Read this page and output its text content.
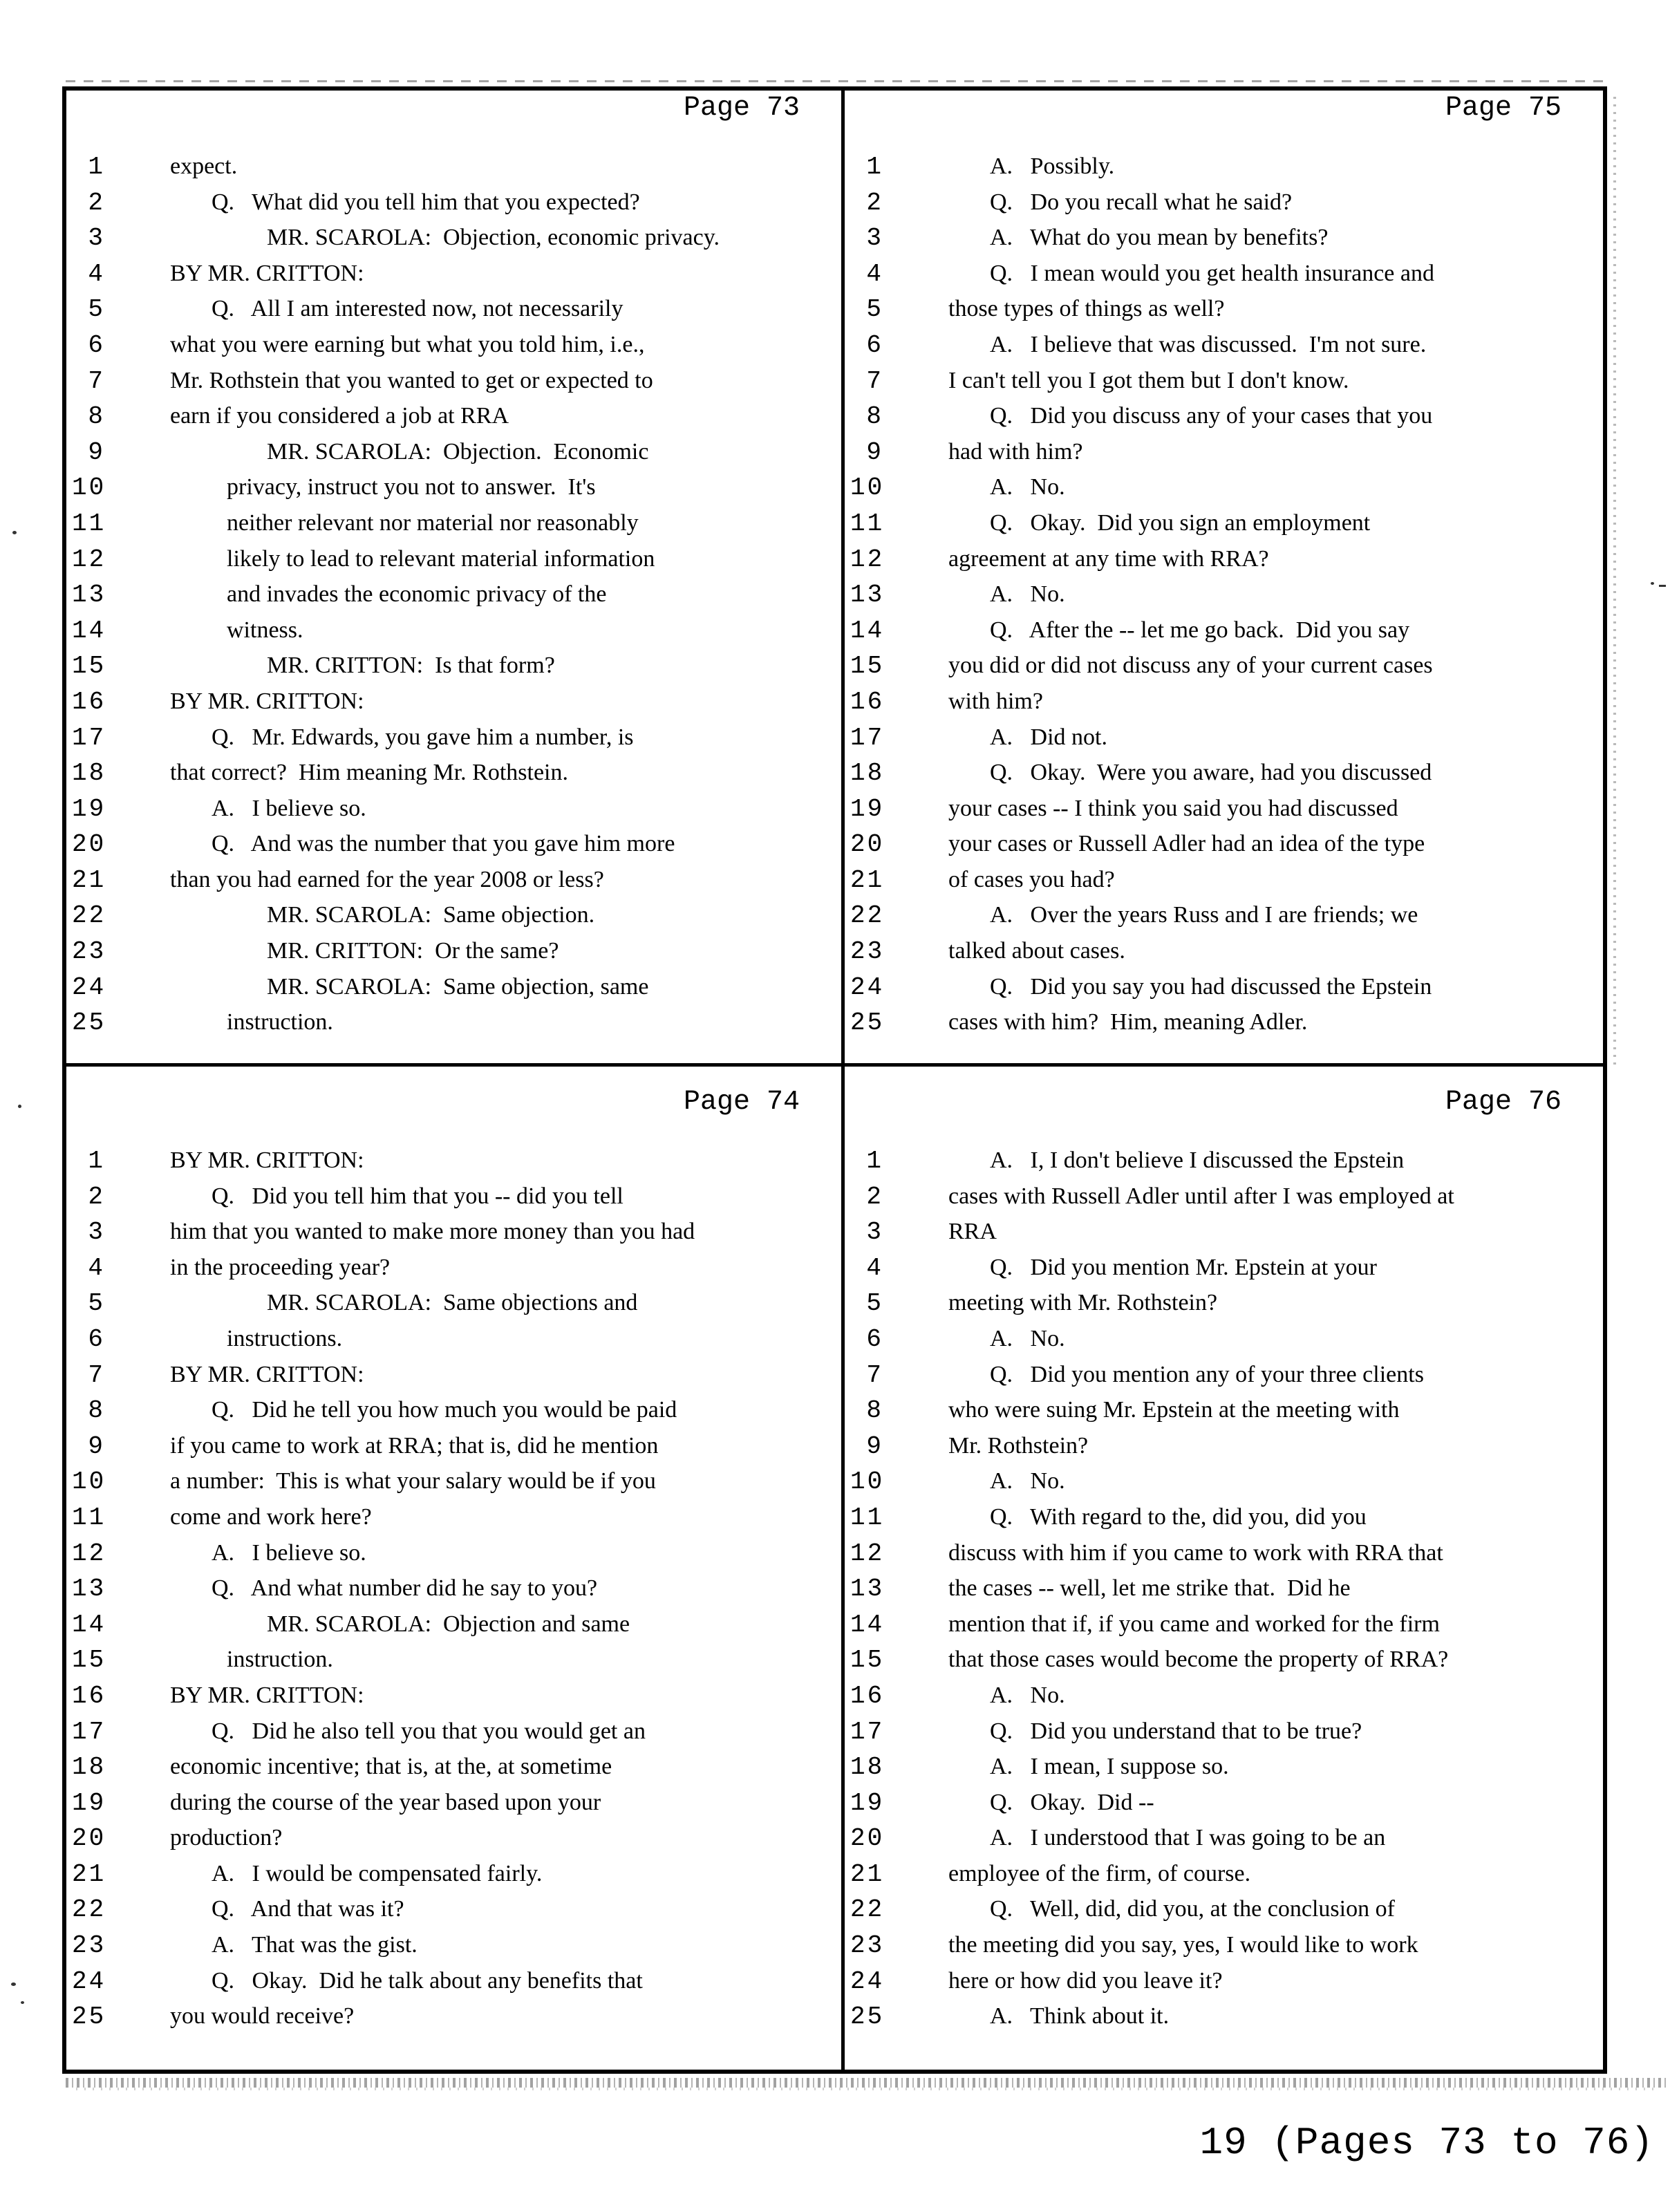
Page 73
1	expect.
2	Q.   What did you tell him that you expected?
3	MR. SCAROLA:  Objection, economic privacy.
4	BY MR. CRITTON:
5	Q.   All I am interested now, not necessarily
6	what you were earning but what you told him, i.e.,
7	Mr. Rothstein that you wanted to get or expected to
8	earn if you considered a job at RRA
9	MR. SCAROLA:  Objection.  Economic
10	privacy, instruct you not to answer.  It's
11	neither relevant nor material nor reasonably
12	likely to lead to relevant material information
13	and invades the economic privacy of the
14	witness.
15	MR. CRITTON:  Is that form?
16	BY MR. CRITTON:
17	Q.   Mr. Edwards, you gave him a number, is
18	that correct?  Him meaning Mr. Rothstein.
19	A.   I believe so.
20	Q.   And was the number that you gave him more
21	than you had earned for the year 2008 or less?
22	MR. SCAROLA:  Same objection.
23	MR. CRITTON:  Or the same?
24	MR. SCAROLA:  Same objection, same
25	instruction.
Page 75
1	A.   Possibly.
2	Q.   Do you recall what he said?
3	A.   What do you mean by benefits?
4	Q.   I mean would you get health insurance and
5	those types of things as well?
6	A.   I believe that was discussed.  I'm not sure.
7	I can't tell you I got them but I don't know.
8	Q.   Did you discuss any of your cases that you
9	had with him?
10	A.   No.
11	Q.   Okay.  Did you sign an employment
12	agreement at any time with RRA?
13	A.   No.
14	Q.   After the -- let me go back.  Did you say
15	you did or did not discuss any of your current cases
16	with him?
17	A.   Did not.
18	Q.   Okay.  Were you aware, had you discussed
19	your cases -- I think you said you had discussed
20	your cases or Russell Adler had an idea of the type
21	of cases you had?
22	A.   Over the years Russ and I are friends; we
23	talked about cases.
24	Q.   Did you say you had discussed the Epstein
25	cases with him?  Him, meaning Adler.
Page 74
1	BY MR. CRITTON:
2	Q.   Did you tell him that you -- did you tell
3	him that you wanted to make more money than you had
4	in the proceeding year?
5	MR. SCAROLA:  Same objections and
6	instructions.
7	BY MR. CRITTON:
8	Q.   Did he tell you how much you would be paid
9	if you came to work at RRA; that is, did he mention
10	a number:  This is what your salary would be if you
11	come and work here?
12	A.   I believe so.
13	Q.   And what number did he say to you?
14	MR. SCAROLA:  Objection and same
15	instruction.
16	BY MR. CRITTON:
17	Q.   Did he also tell you that you would get an
18	economic incentive; that is, at the, at sometime
19	during the course of the year based upon your
20	production?
21	A.   I would be compensated fairly.
22	Q.   And that was it?
23	A.   That was the gist.
24	Q.   Okay.  Did he talk about any benefits that
25	you would receive?
Page 76
1	A.   I, I don't believe I discussed the Epstein
2	cases with Russell Adler until after I was employed at
3	RRA
4	Q.   Did you mention Mr. Epstein at your
5	meeting with Mr. Rothstein?
6	A.   No.
7	Q.   Did you mention any of your three clients
8	who were suing Mr. Epstein at the meeting with
9	Mr. Rothstein?
10	A.   No.
11	Q.   With regard to the, did you, did you
12	discuss with him if you came to work with RRA that
13	the cases -- well, let me strike that.  Did he
14	mention that if, if you came and worked for the firm
15	that those cases would become the property of RRA?
16	A.   No.
17	Q.   Did you understand that to be true?
18	A.   I mean, I suppose so.
19	Q.   Okay.  Did --
20	A.   I understood that I was going to be an
21	employee of the firm, of course.
22	Q.   Well, did, did you, at the conclusion of
23	the meeting did you say, yes, I would like to work
24	here or how did you leave it?
25	A.   Think about it.
19 (Pages 73 to 76)
